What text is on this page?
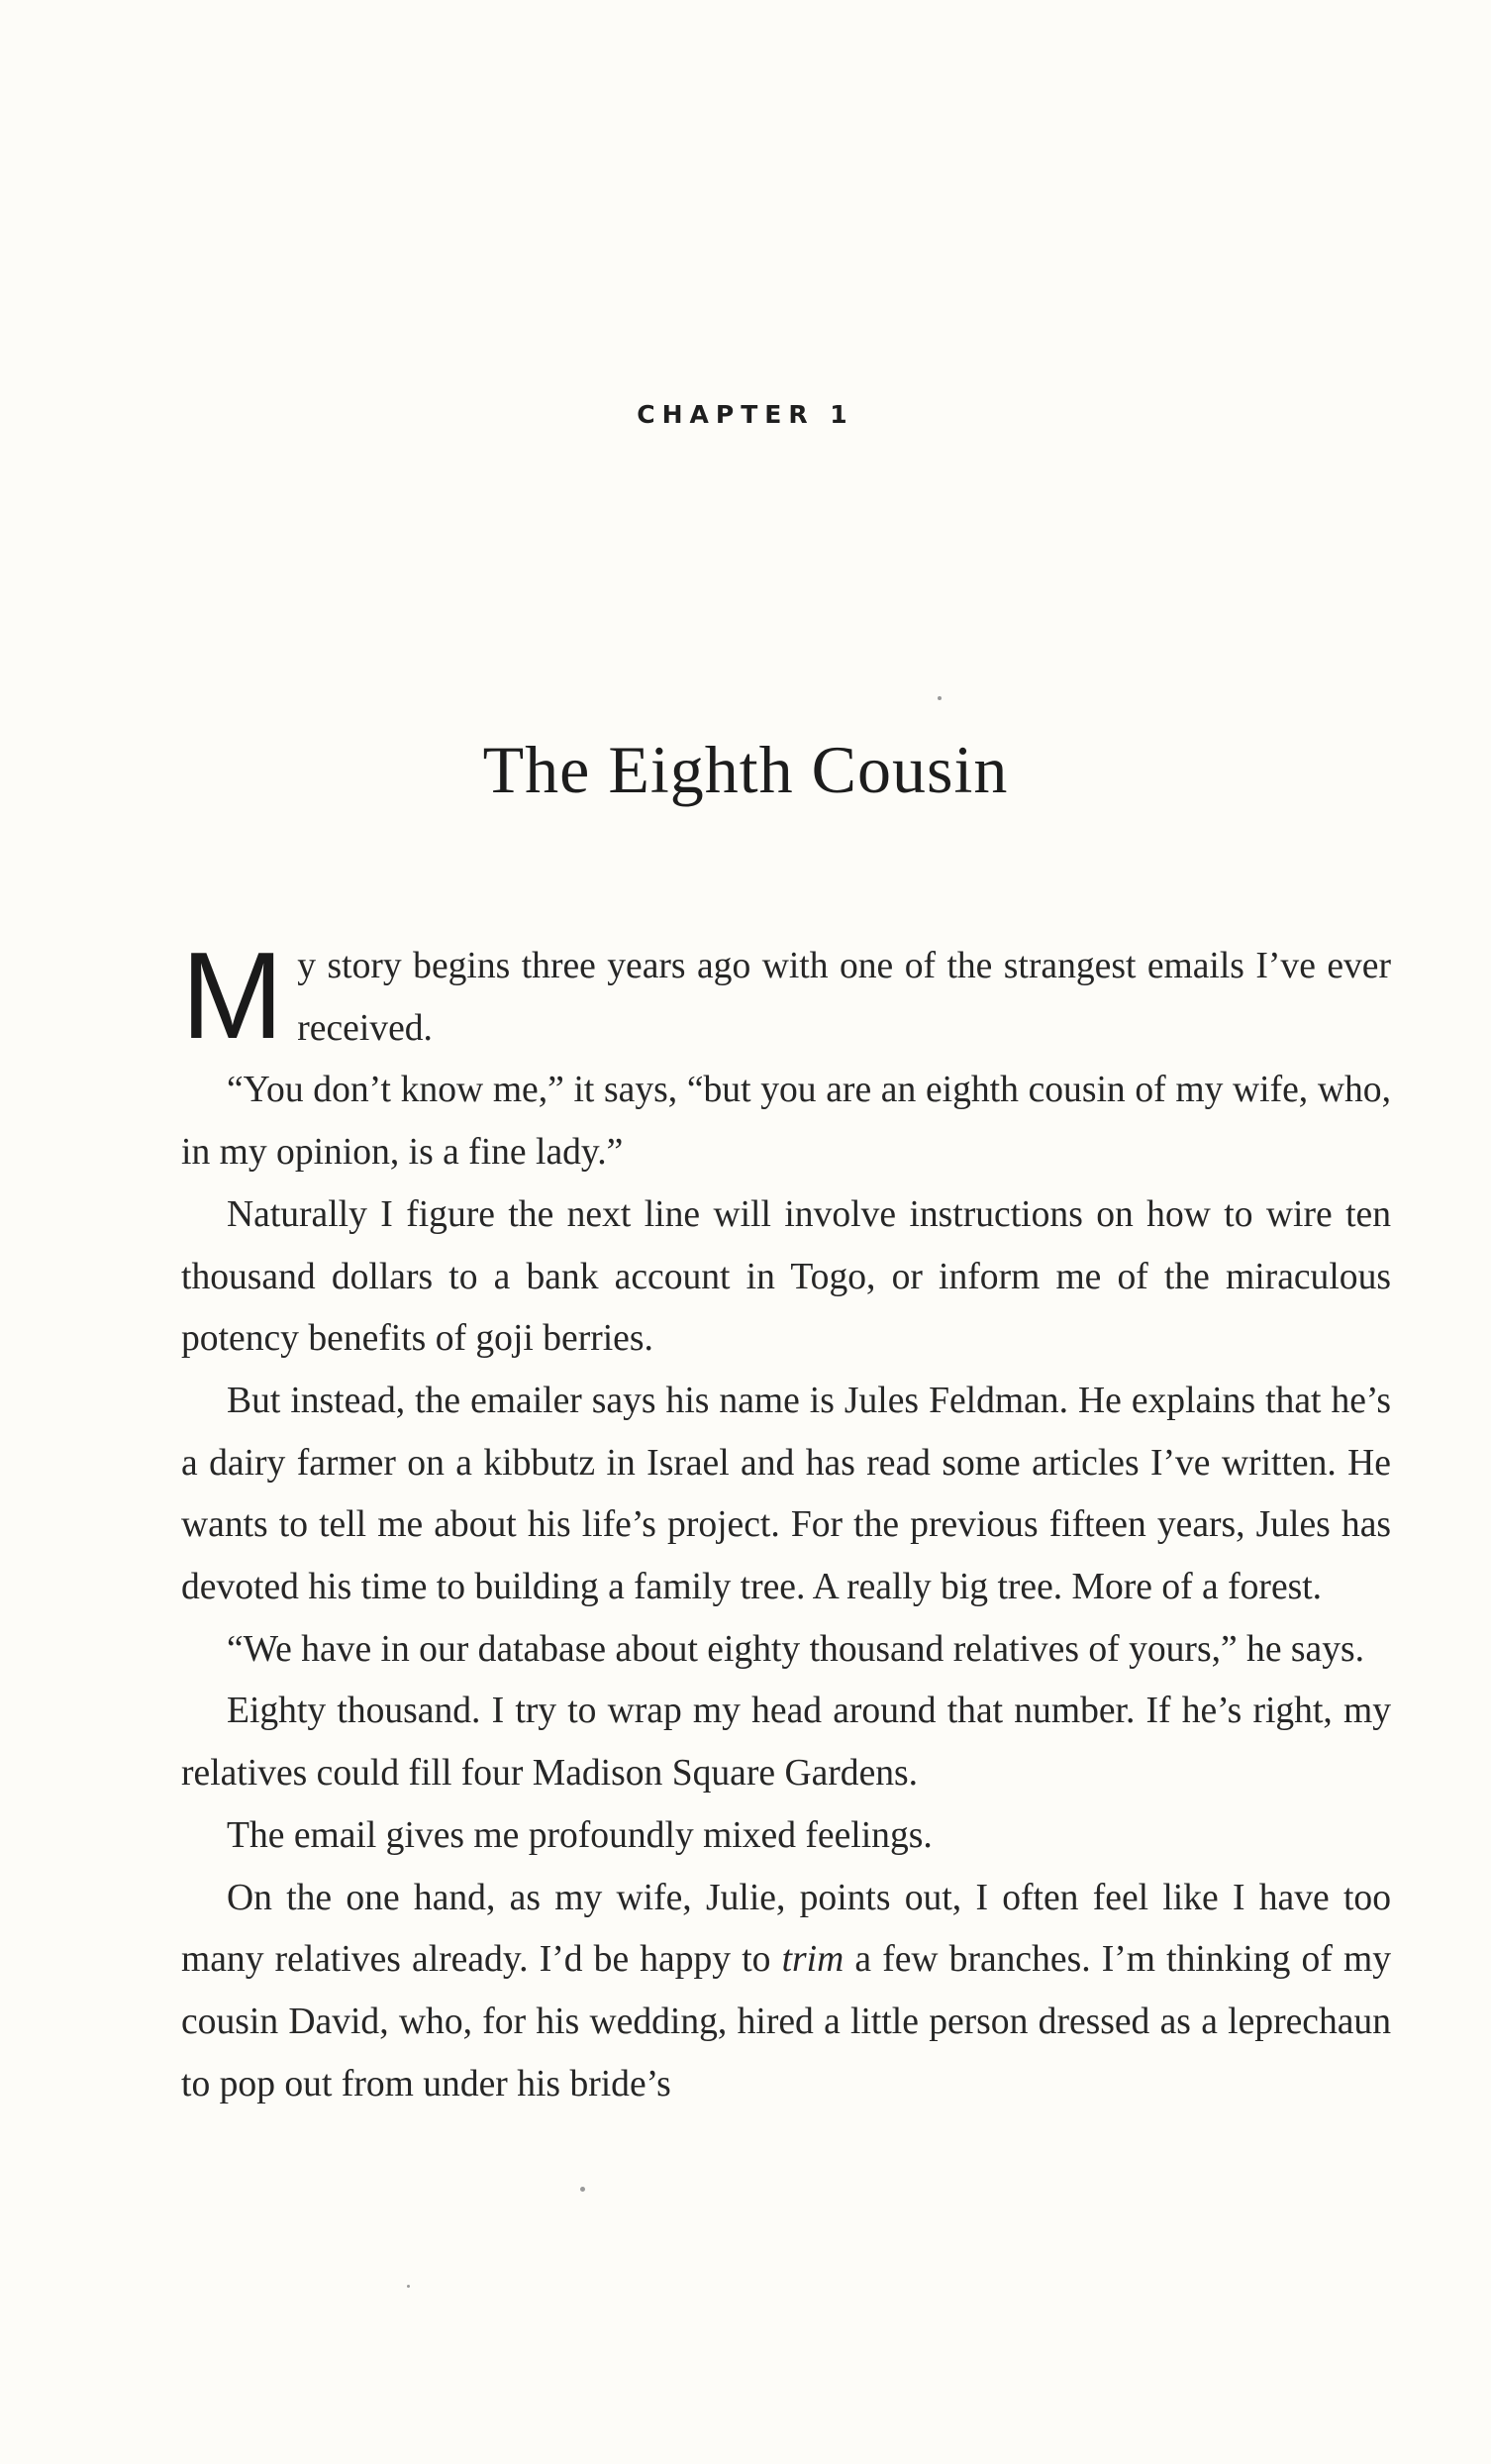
CHAPTER 1
The Eighth Cousin

My story begins three years ago with one of the strangest emails I’ve ever received.

“You don’t know me,” it says, “but you are an eighth cousin of my wife, who, in my opinion, is a fine lady.”

Naturally I figure the next line will involve instructions on how to wire ten thousand dollars to a bank account in Togo, or inform me of the miraculous potency benefits of goji berries.

But instead, the emailer says his name is Jules Feldman. He explains that he’s a dairy farmer on a kibbutz in Israel and has read some articles I’ve written. He wants to tell me about his life’s project. For the previous fifteen years, Jules has devoted his time to building a family tree. A really big tree. More of a forest.

“We have in our database about eighty thousand relatives of yours,” he says.

Eighty thousand. I try to wrap my head around that number. If he’s right, my relatives could fill four Madison Square Gardens.

The email gives me profoundly mixed feelings.

On the one hand, as my wife, Julie, points out, I often feel like I have too many relatives already. I’d be happy to trim a few branches. I’m thinking of my cousin David, who, for his wedding, hired a little person dressed as a leprechaun to pop out from under his bride’s
